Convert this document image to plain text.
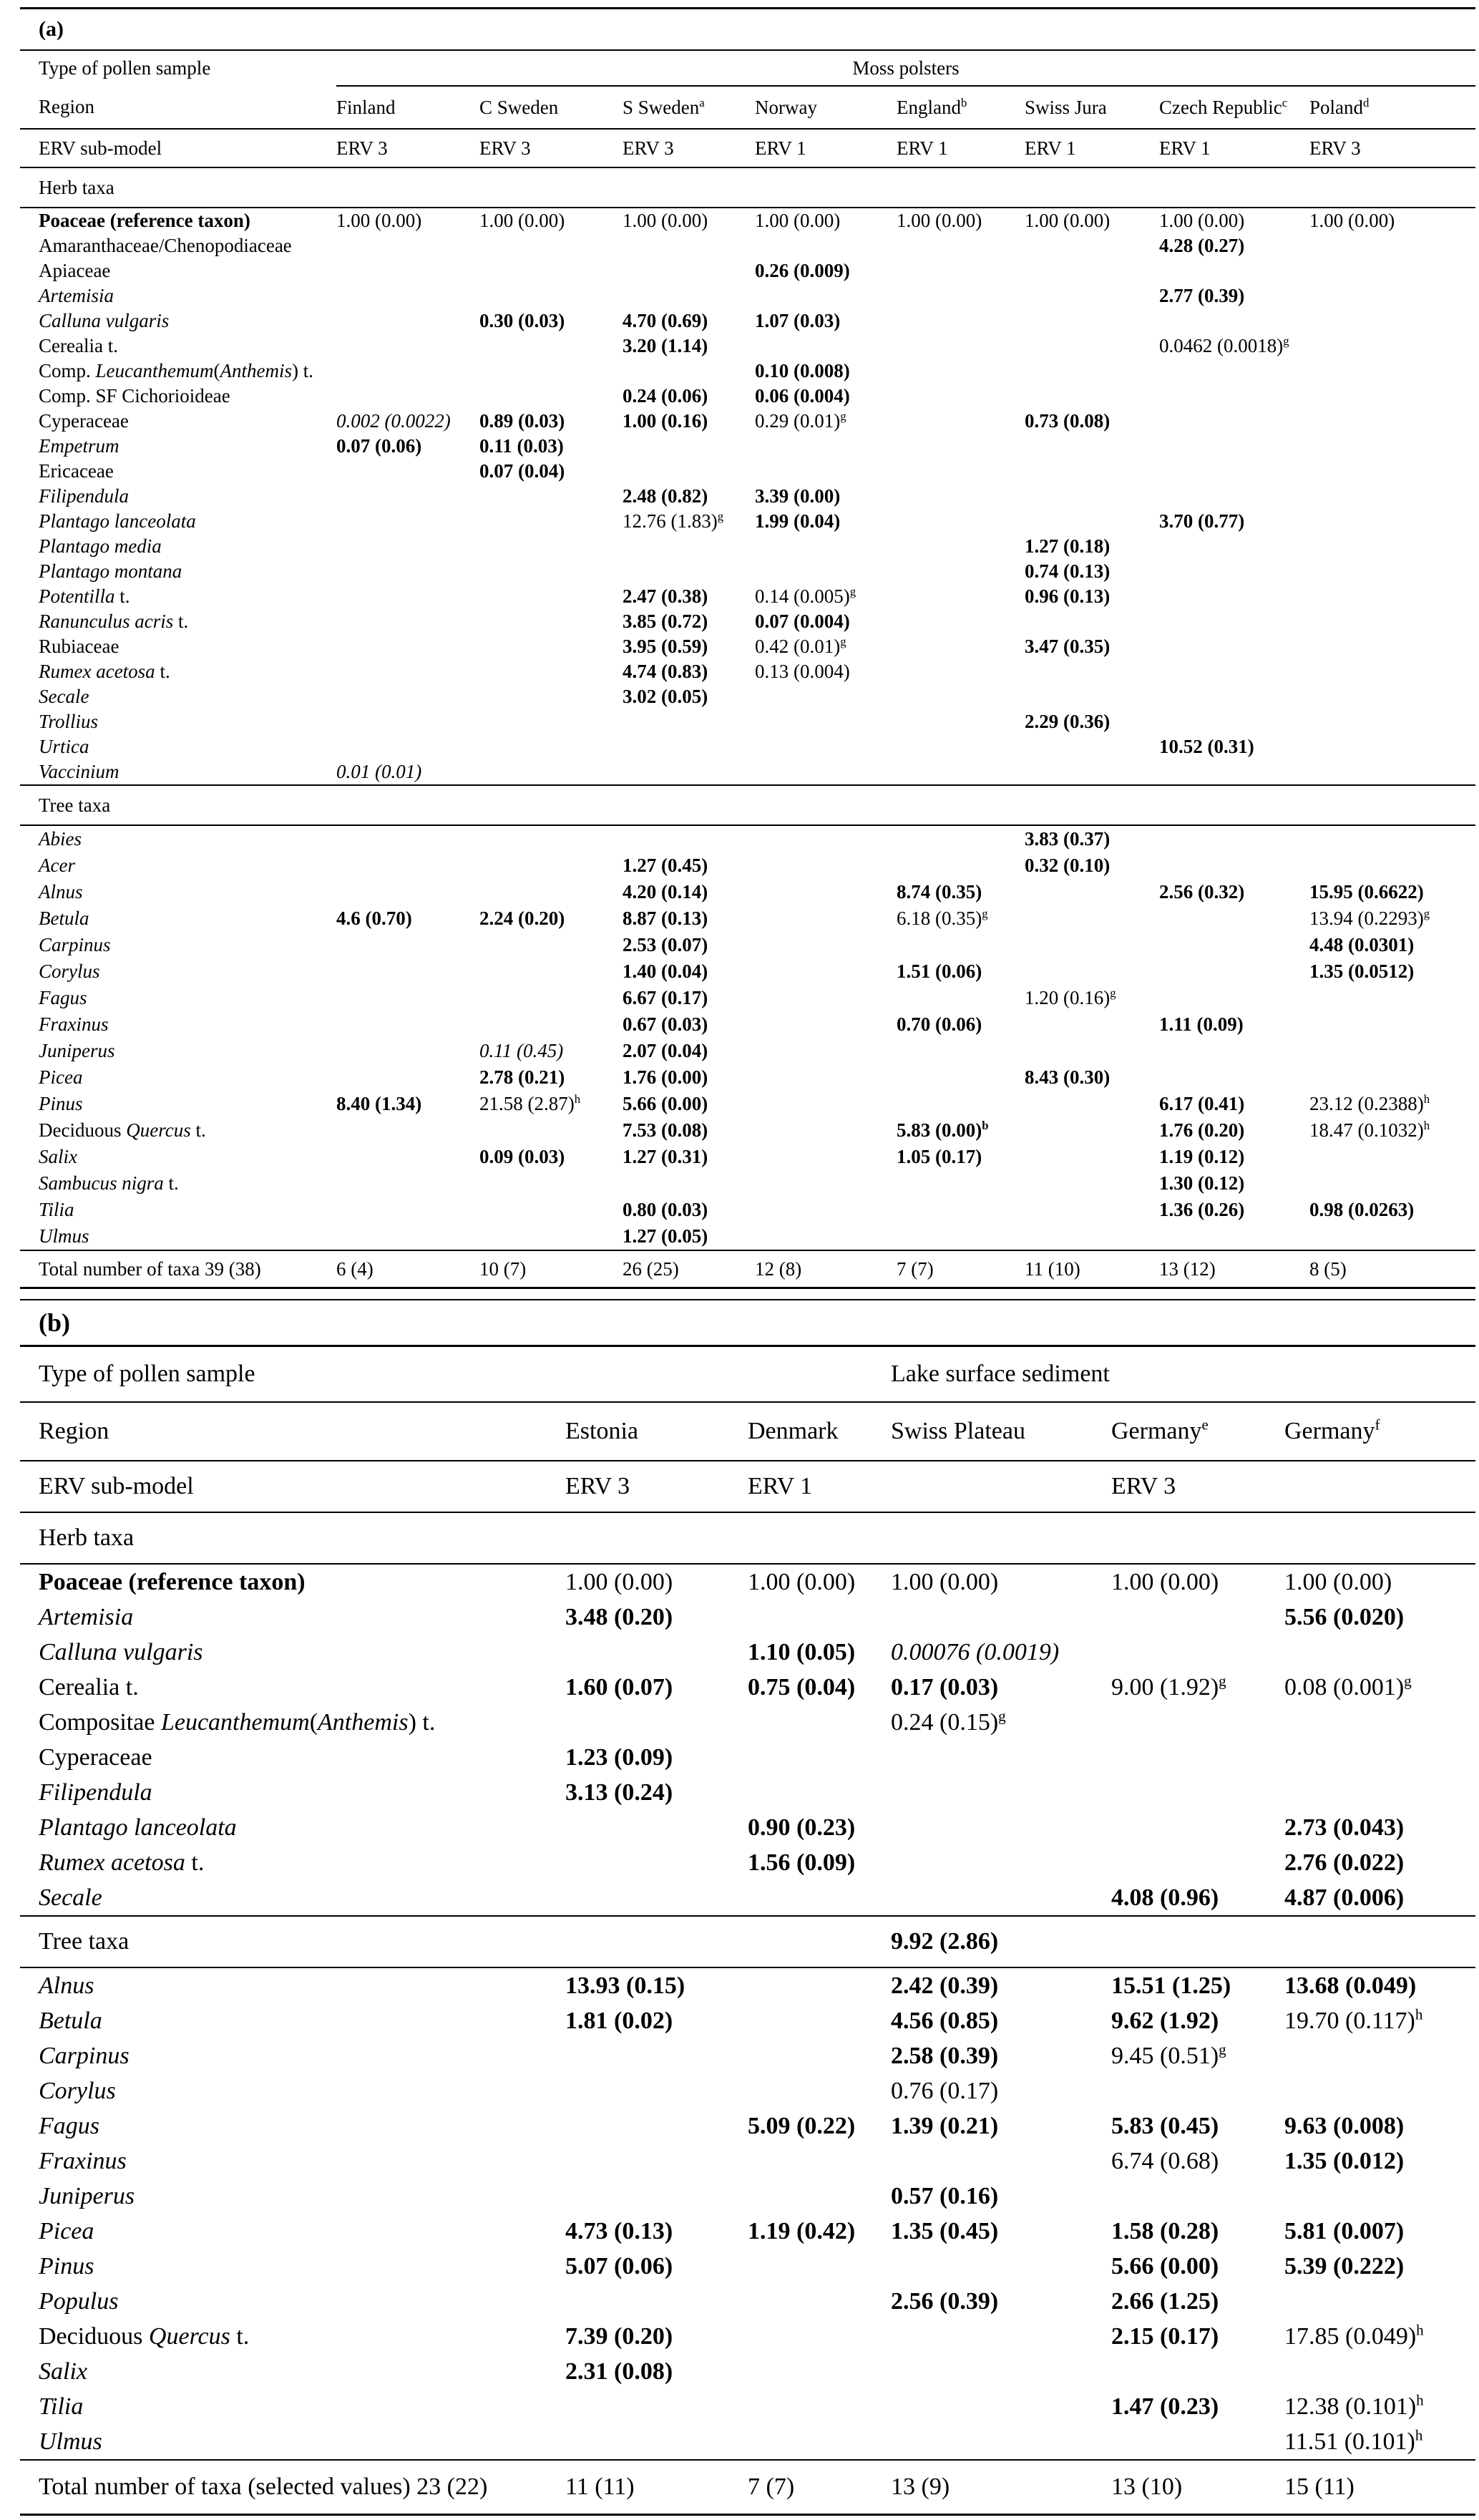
(a)
Type of pollen sample	Moss polsters							
Region	Finland	C Sweden	S Sweden$^a$	Norway	England$^b$	Swiss Jura	Czech Republic$^c$	Poland$^d$
ERV sub-model	ERV 3	ERV 3	ERV 3	ERV 1	ERV 1	ERV 1	ERV 1	ERV 3
Herb taxa								
Poaceae (reference taxon)	1.00 (0.00)	1.00 (0.00)	1.00 (0.00)	1.00 (0.00)	1.00 (0.00)	1.00 (0.00)	1.00 (0.00)	1.00 (0.00)
Amaranthaceae/Chenopodiaceae							4.28 (0.27)	
Apiaceae				0.26 (0.009)				
Artemisia							2.77 (0.39)	
Calluna vulgaris		0.30 (0.03)	4.70 (0.69)	1.07 (0.03)				
Cerealia t.			3.20 (1.14)				0.0462 $(0.0018)^g$	
Comp. Leucanthemum(Anthemis) t.				0.10 (0.008)				
Comp. SF Cichorioideae			0.24 (0.06)	0.06 (0.004)				
Cyperaceae	0.002 (0.0022)	0.89 (0.03)	1.00 (0.16)	0.29 $(0.01)^g$		0.73 (0.08)		
Empetrum	0.07 (0.06)	0.11 (0.03)						
Ericaceae		0.07 (0.04)						
Filipendula			2.48 (0.82)	3.39 (0.00)				
Plantago lanceolata			12.76 $(1.83)^g$	1.99 (0.04)			3.70 (0.77)	
Plantago media						1.27 (0.18)		
Plantago montana						0.74 (0.13)		
Potentilla t.			2.47 (0.38)	0.14 $(0.005)^g$		0.96 (0.13)		
Ranunculus acris t.			3.85 (0.72)	0.07 (0.004)				
Rubiaceae			3.95 (0.59)	0.42 $(0.01)^g$		3.47 (0.35)		
Rumex acetosa t.			4.74 (0.83)	0.13 (0.004)				
Secale			3.02 (0.05)					
Trollius						2.29 (0.36)		
Urtica							10.52 (0.31)	
Vaccinium	0.01 (0.01)							
Tree taxa								
Abies						3.83 (0.37)		
Acer			1.27 (0.45)			0.32 (0.10)		
Alnus			4.20 (0.14)		8.74 (0.35)		2.56 (0.32)	15.95 (0.6622)
Betula	4.6 (0.70)	2.24 (0.20)	8.87 (0.13)		6.18 $(0.35)^g$			13.94 $(0.2293)^g$
Carpinus			2.53 (0.07)					4.48 (0.0301)
Corylus			1.40 (0.04)		1.51 (0.06)			1.35 (0.0512)
Fagus			6.67 (0.17)			1.20 $(0.16)^g$		
Fraxinus			0.67 (0.03)		0.70 (0.06)		1.11 (0.09)	
Juniperus		0.11 (0.45)	2.07 (0.04)					
Picea		2.78 (0.21)	1.76 (0.00)			8.43 (0.30)		
Pinus	8.40 (1.34)	21.58 $(2.87)^h$	5.66 (0.00)				6.17 (0.41)	23.12 $(0.2388)^h$
Deciduous Quercus t.			7.53 (0.08)		5.83 $(0.00)^b$		1.76 (0.20)	18.47 $(0.1032)^h$
Salix		0.09 (0.03)	1.27 (0.31)		1.05 (0.17)		1.19 (0.12)	
Sambucus nigra t.							1.30 (0.12)	
Tilia			0.80 (0.03)				1.36 (0.26)	0.98 (0.0263)
Ulmus			1.27 (0.05)					
Total number of taxa 39 (38)	6 (4)	10 (7)	26 (25)	12 (8)	7 (7)	11 (10)	13 (12)	8 (5)
(b)
Type of pollen sample	Lake surface sediment				
Region	Estonia	Denmark	Swiss Plateau	Germany$^e$	Germany$^f$
ERV sub-model	ERV 3	ERV 1		ERV 3	
Herb taxa					
Poaceae (reference taxon)	1.00 (0.00)	1.00 (0.00)	1.00 (0.00)	1.00 (0.00)	1.00 (0.00)
Artemisia	3.48 (0.20)				5.56 (0.020)
Calluna vulgaris		1.10 (0.05)	0.00076 (0.0019)		
Cerealia t.	1.60 (0.07)	0.75 (0.04)	0.17 (0.03)	9.00 $(1.92)^g$	0.08 $(0.001)^g$
Compositae Leucanthemum(Anthemis) t.			0.24 $(0.15)^g$		
Cyperaceae	1.23 (0.09)				
Filipendula	3.13 (0.24)				
Plantago lanceolata		0.90 (0.23)			2.73 (0.043)
Rumex acetosa t.		1.56 (0.09)			2.76 (0.022)
Secale				4.08 (0.96)	4.87 (0.006)
Tree taxa			9.92 (2.86)		
Alnus	13.93 (0.15)		2.42 (0.39)	15.51 (1.25)	13.68 (0.049)
Betula	1.81 (0.02)		4.56 (0.85)	9.62 (1.92)	19.70 $(0.117)^h$
Carpinus			2.58 (0.39)	9.45 $(0.51)^g$	
Corylus			0.76 (0.17)		
Fagus		5.09 (0.22)	1.39 (0.21)	5.83 (0.45)	9.63 (0.008)
Fraxinus				6.74 (0.68)	1.35 (0.012)
Juniperus			0.57 (0.16)		
Picea	4.73 (0.13)	1.19 (0.42)	1.35 (0.45)	1.58 (0.28)	5.81 (0.007)
Pinus	5.07 (0.06)			5.66 (0.00)	5.39 (0.222)
Populus			2.56 (0.39)	2.66 (1.25)	
Deciduous Quercus t.	7.39 (0.20)			2.15 (0.17)	17.85 $(0.049)^h$
Salix	2.31 (0.08)				
Tilia				1.47 (0.23)	12.38 $(0.101)^h$
Ulmus					11.51 $(0.101)^h$
Total number of taxa (selected values) 23 (22)	11 (11)	7 (7)	13 (9)	13 (10)	15 (11)
